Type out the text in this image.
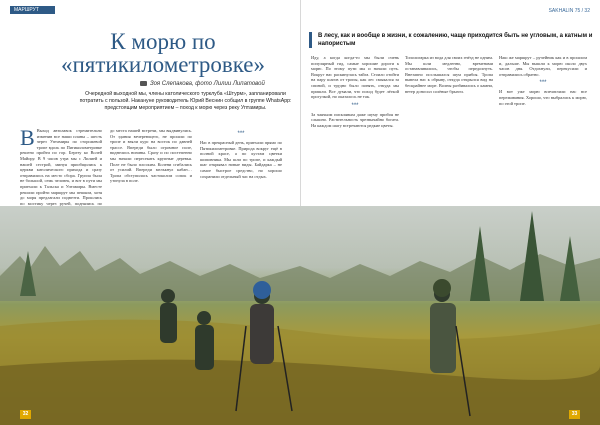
МАРШРУТ
К морю по
«пятикилометровке»
Зоя Слепакова, фото Лилии Липатовой
Очередной выходной мы, члены католического турклуба «Штурм», запланировали потратить с пользой. Накануне руководитель Юрий Веснин собщил в группе WhatsApp: предстоящим мероприятием – поход к морю через реку Уптамиры.
В Выход автолавок стремительно изменив все наши планы – шесть через Уптамиры по сторожевой тропе вдоль по Пятикилометровке решено пройти по гор. Березу ко Волей Майору. В 9 часов утра мы с Лилией и нашей сестрой, минуя приобщились к церкви католического прихода и сразу отправились на место сбора. Группа была не большой, семь человек, и вот в пути мы приехали к Тальска и Уптамиры. Вместе решили пройти маршрут мы пешком, хотя до моря предлагали подвезти. Прошлись по мостику через ручей, поднялись по
до места нашей встречи, мы выдвинулись. От здания вечереющего, не прошли по тропе и взяли курс на восток по давней трассе. Впереди было огромное поле, виднелись низины. Сразу и по постепенно мы начали пересекать крупные деревья. Поле не было плоским. Колени сгибались от усилий. Впереди мелькнул кабан… Тропа обступилась частоколом сопок и утонула в поле.
***
Нас в прекрасный день, приехали прямо по Пятикилометровке. Природа вокруг ещё в полной красе, а по кустам цветки шиповника. Мы шли по тропе, и каждый шаг открывал новые виды. Байдарка – не самое быстрое средство, но хорошо сохранили отдельный час на отдых.
SAKHALIN 75 / 32
В лесу, как и вообще в жизни, к сожалению, чаще приходится быть не угловым, а катным и напористым
Иду, а когда когда-то мы были очень популярный гид, самые хорошие дороги к морю. По этому пути мы и начали путь. Вокруг нас раскинулась тайга. Стоило отойти на пару шагов от тропы, как лес смыкался за спиной, и трудно было понять, откуда мы пришли. Все думали, что поход будет лёгкой прогулкой, но оказалось не так.
***
За чаячьим писклявым даже шуму прибоя не слышно. Растительность чрезвычайно богата. На каждом шагу встречаются редкие цветы.
Тополигарка из вода для своих гнёзд не одним. Мы шли медленно, временами останавливались, чтобы передохнуть. Внезапно послышался шум прибоя. Тропа вывела нас к обрыву, откуда открылся вид на бескрайнее море. Волны разбивались о камни, ветер доносил солёные брызги.
Наш же маршрут – ручейник как и в прошлом и, дальше. Мы вышли к морю около двух часов дня. Отдохнули, перекусили и отправились обратно.
***
И вот уже морю впечатлили нас все переживания. Хорошо, что выбрались к морю, по этой тропе.
32	33
